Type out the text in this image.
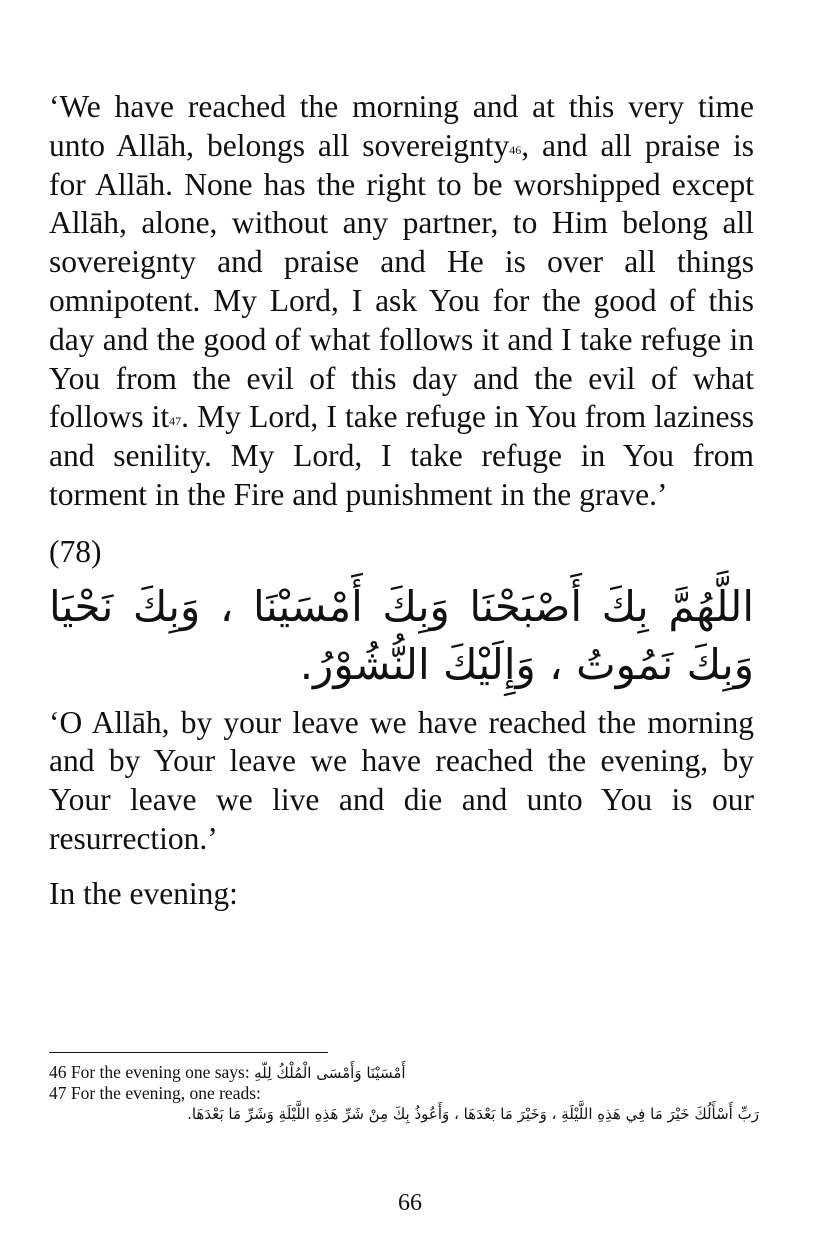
‘We have reached the morning and at this very time unto Allāh, belongs all sovereignty$^{46}$, and all praise is for Allāh. None has the right to be worshipped except Allāh, alone, without any partner, to Him belong all sovereignty and praise and He is over all things omnipotent. My Lord, I ask You for the good of this day and the good of what follows it and I take refuge in You from the evil of this day and the evil of what follows $it^{47}$. My Lord, I take refuge in You from laziness and senility. My Lord, I take refuge in You from torment in the Fire and punishment in the grave.’

(78)

اللَّهُمَّ بِكَ أَصْبَحْنَا وَبِكَ أَمْسَيْنَا ، وَبِكَ نَحْيَا وَبِكَ نَمُوتُ ، وَإِلَيْكَ النُّشُوْرُ.

‘O Allāh, by your leave we have reached the morning and by Your leave we have reached the evening, by Your leave we live and die and unto You is our resurrection.’

In the evening:

46 For the evening one says: أَمْسَيْنَا وَأَمْسَى الْمُلْكُ لِلّهِ

47 For the evening, one reads:

رَبِّ أَسْأَلُكَ خَيْرَ مَا فِي هَذِهِ اللَّيْلَةِ ، وَخَيْرَ مَا بَعْدَهَا ، وَأَعُوذُ بِكَ مِنْ شَرِّ هَذِهِ اللَّيْلَةِ وَشَرِّ مَا بَعْدَهَا.

66
